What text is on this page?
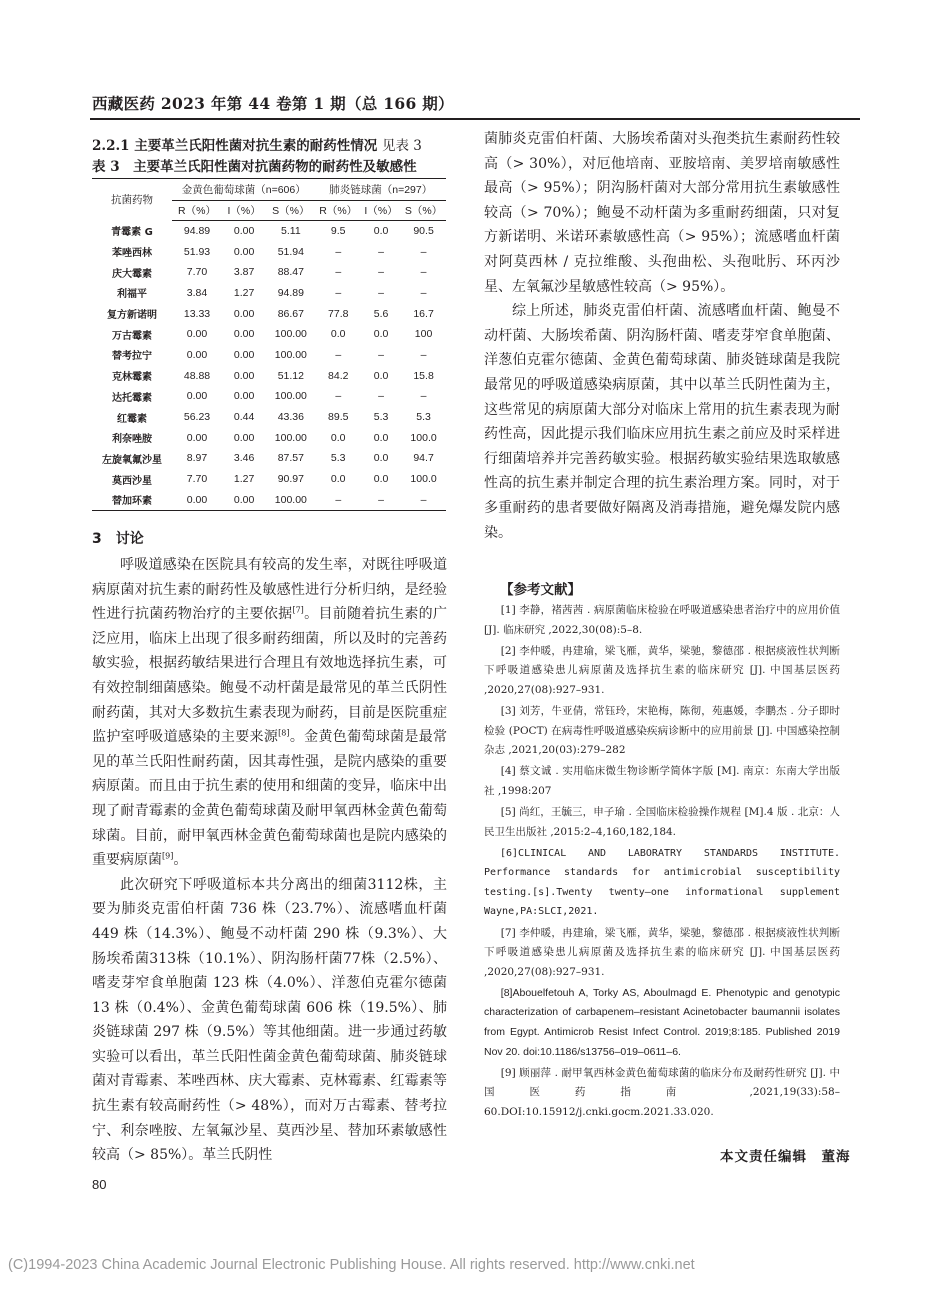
西藏医药 2023 年第 44 卷第 1 期（总 166 期）
2.2.1 主要革兰氏阳性菌对抗生素的耐药性情况 见表 3
表 3　主要革兰氏阳性菌对抗菌药物的耐药性及敏感性
抗菌药物	金黄色葡萄球菌（n=606）			肺炎链球菌（n=297）		
	R（%）	I（%）	S（%）	R（%）	I（%）	S（%）
青霉素 G	94.89	0.00	5.11	9.5	0.0	90.5
苯唑西林	51.93	0.00	51.94	–	–	–
庆大霉素	7.70	3.87	88.47	–	–	–
利福平	3.84	1.27	94.89	–	–	–
复方新诺明	13.33	0.00	86.67	77.8	5.6	16.7
万古霉素	0.00	0.00	100.00	0.0	0.0	100
替考拉宁	0.00	0.00	100.00	–	–	–
克林霉素	48.88	0.00	51.12	84.2	0.0	15.8
达托霉素	0.00	0.00	100.00	–	–	–
红霉素	56.23	0.44	43.36	89.5	5.3	5.3
利奈唑胺	0.00	0.00	100.00	0.0	0.0	100.0
左旋氧氟沙星	8.97	3.46	87.57	5.3	0.0	94.7
莫西沙星	7.70	1.27	90.97	0.0	0.0	100.0
替加环素	0.00	0.00	100.00	–	–	–
3　讨论

呼吸道感染在医院具有较高的发生率，对既往呼吸道病原菌对抗生素的耐药性及敏感性进行分析归纳，是经验性进行抗菌药物治疗的主要依据[7]。目前随着抗生素的广泛应用，临床上出现了很多耐药细菌，所以及时的完善药敏实验，根据药敏结果进行合理且有效地选择抗生素，可有效控制细菌感染。鲍曼不动杆菌是最常见的革兰氏阴性耐药菌，其对大多数抗生素表现为耐药，目前是医院重症监护室呼吸道感染的主要来源[8]。金黄色葡萄球菌是最常见的革兰氏阳性耐药菌，因其毒性强，是院内感染的重要病原菌。而且由于抗生素的使用和细菌的变异，临床中出现了耐青霉素的金黄色葡萄球菌及耐甲氧西林金黄色葡萄球菌。目前，耐甲氧西林金黄色葡萄球菌也是院内感染的重要病原菌[9]。

此次研究下呼吸道标本共分离出的细菌3112株，主要为肺炎克雷伯杆菌 736 株（23.7%）、流感嗜血杆菌 449 株（14.3%）、鲍曼不动杆菌 290 株（9.3%）、大肠埃希菌313株（10.1%）、阴沟肠杆菌77株（2.5%）、嗜麦芽窄食单胞菌 123 株（4.0%）、洋葱伯克霍尔德菌 13 株（0.4%）、金黄色葡萄球菌 606 株（19.5%）、肺炎链球菌 297 株（9.5%）等其他细菌。进一步通过药敏实验可以看出，革兰氏阳性菌金黄色葡萄球菌、肺炎链球菌对青霉素、苯唑西林、庆大霉素、克林霉素、红霉素等抗生素有较高耐药性（> 48%），而对万古霉素、替考拉宁、利奈唑胺、左氧氟沙星、莫西沙星、替加环素敏感性较高（> 85%）。革兰氏阴性

菌肺炎克雷伯杆菌、大肠埃希菌对头孢类抗生素耐药性较高（> 30%），对厄他培南、亚胺培南、美罗培南敏感性最高（> 95%）；阴沟肠杆菌对大部分常用抗生素敏感性较高（> 70%）；鲍曼不动杆菌为多重耐药细菌，只对复方新诺明、米诺环素敏感性高（> 95%）；流感嗜血杆菌对阿莫西林 / 克拉维酸、头孢曲松、头孢吡肟、环丙沙星、左氧氟沙星敏感性较高（> 95%）。

综上所述，肺炎克雷伯杆菌、流感嗜血杆菌、鲍曼不动杆菌、大肠埃希菌、阴沟肠杆菌、嗜麦芽窄食单胞菌、洋葱伯克霍尔德菌、金黄色葡萄球菌、肺炎链球菌是我院最常见的呼吸道感染病原菌，其中以革兰氏阴性菌为主，这些常见的病原菌大部分对临床上常用的抗生素表现为耐药性高，因此提示我们临床应用抗生素之前应及时采样进行细菌培养并完善药敏实验。根据药敏实验结果选取敏感性高的抗生素并制定合理的抗生素治理方案。同时，对于多重耐药的患者要做好隔离及消毒措施，避免爆发院内感染。

【参考文献】
[1] 李静，褚茜茜 . 病原菌临床检验在呼吸道感染患者治疗中的应用价值 [J]. 临床研究 ,2022,30(08):5–8.
[2] 李仲暖，冉建瑜，梁飞雁，黄华，梁驰，黎德邵 . 根据痰液性状判断下呼吸道感染患儿病原菌及选择抗生素的临床研究 [J]. 中国基层医药 ,2020,27(08):927–931.
[3] 刘芳，牛亚倩，常钰玲，宋艳梅，陈彻，苑惠媛，李鹏杰 . 分子即时检验 (POCT) 在病毒性呼吸道感染疾病诊断中的应用前景 [J]. 中国感染控制杂志 ,2021,20(03):279–282
[4] 蔡文诚 . 实用临床微生物诊断学简体字版 [M]. 南京：东南大学出版社 ,1998:207
[5] 尚红，王毓三，申子瑜 . 全国临床检验操作规程 [M].4 版 . 北京：人民卫生出版社 ,2015:2–4,160,182,184.
[6]CLINICAL AND LABORATRY STANDARDS INSTITUTE. Performance standards for antimicrobial susceptibility testing.[s].Twenty twenty–one informational supplement Wayne,PA:SLCI,2021.
[7] 李仲暖，冉建瑜，梁飞雁，黄华，梁驰，黎德邵 . 根据痰液性状判断下呼吸道感染患儿病原菌及选择抗生素的临床研究 [J]. 中国基层医药 ,2020,27(08):927–931.
[8]Abouelfetouh A, Torky AS, Aboulmagd E. Phenotypic and genotypic characterization of carbapenem–resistant Acinetobacter baumannii isolates from Egypt. Antimicrob Resist Infect Control. 2019;8:185. Published 2019 Nov 20. doi:10.1186/s13756–019–0611–6.
[9] 顾丽萍 . 耐甲氧西林金黄色葡萄球菌的临床分布及耐药性研究 [J]. 中国医药指南 ,2021,19(33):58–60.DOI:10.15912/j.cnki.gocm.2021.33.020.
本文责任编辑　董海
80
(C)1994-2023 China Academic Journal Electronic Publishing House. All rights reserved. http://www.cnki.net
